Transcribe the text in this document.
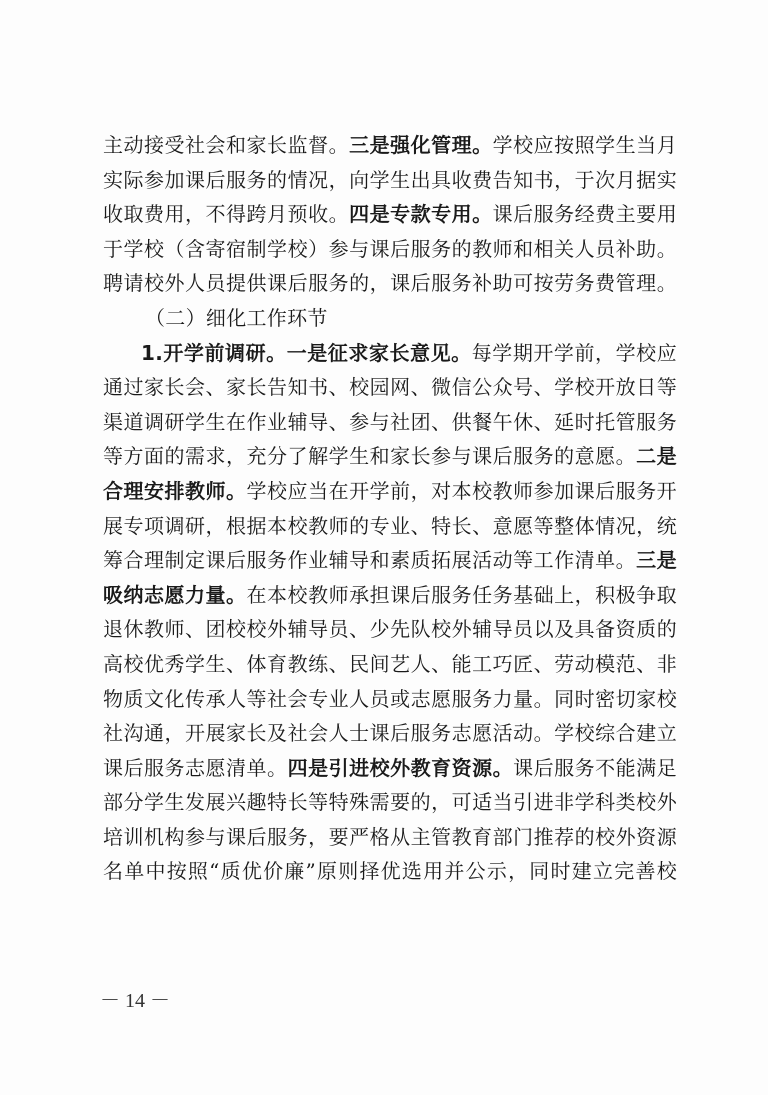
主动接受社会和家长监督。三是强化管理。学校应按照学生当月
实际参加课后服务的情况，向学生出具收费告知书，于次月据实
收取费用，不得跨月预收。四是专款专用。课后服务经费主要用
于学校（含寄宿制学校）参与课后服务的教师和相关人员补助。
聘请校外人员提供课后服务的，课后服务补助可按劳务费管理。
（二）细化工作环节
1.开学前调研。一是征求家长意见。每学期开学前，学校应
通过家长会、家长告知书、校园网、微信公众号、学校开放日等
渠道调研学生在作业辅导、参与社团、供餐午休、延时托管服务
等方面的需求，充分了解学生和家长参与课后服务的意愿。二是
合理安排教师。学校应当在开学前，对本校教师参加课后服务开
展专项调研，根据本校教师的专业、特长、意愿等整体情况，统
筹合理制定课后服务作业辅导和素质拓展活动等工作清单。三是
吸纳志愿力量。在本校教师承担课后服务任务基础上，积极争取
退休教师、团校校外辅导员、少先队校外辅导员以及具备资质的
高校优秀学生、体育教练、民间艺人、能工巧匠、劳动模范、非
物质文化传承人等社会专业人员或志愿服务力量。同时密切家校
社沟通，开展家长及社会人士课后服务志愿活动。学校综合建立
课后服务志愿清单。四是引进校外教育资源。课后服务不能满足
部分学生发展兴趣特长等特殊需要的，可适当引进非学科类校外
培训机构参与课后服务，要严格从主管教育部门推荐的校外资源
名单中按照“质优价廉”原则择优选用并公示，同时建立完善校
－ 14 －
